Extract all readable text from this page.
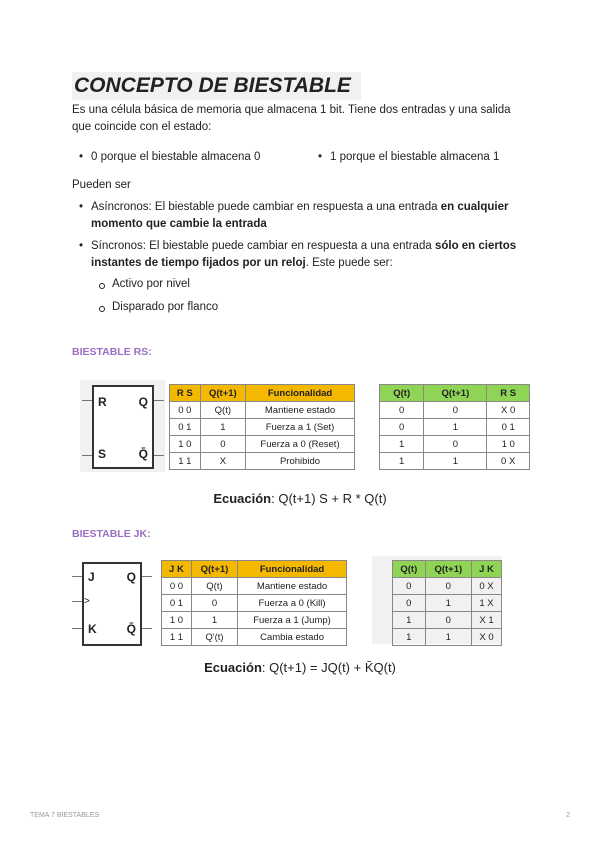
CONCEPTO DE BIESTABLE
Es una célula básica de memoria que almacena 1 bit. Tiene dos entradas y una salida que coincide con el estado:
• 0 porque el biestable almacena 0	• 1 porque el biestable almacena 1
Pueden ser
• Asíncronos: El biestable puede cambiar en respuesta a una entrada en cualquier momento que cambie la entrada
• Síncronos: El biestable puede cambiar en respuesta a una entrada sólo en ciertos instantes de tiempo fijados por un reloj. Este puede ser:
Activo por nivel
Disparado por flanco
BIESTABLE RS:
R	Q
S	Q̄
R S	Q(t+1)	Funcionalidad
0 0	Q(t)	Mantiene estado
0 1	1	Fuerza a 1 (Set)
1 0	0	Fuerza a 0 (Reset)
1 1	X	Prohibido
Q(t)	Q(t+1)	R S
0	0	X 0
0	1	0 1
1	0	1 0
1	1	0 X
Ecuación: Q(t+1) S + R * Q(t)
BIESTABLE JK:
J	Q
>
K Q̄
J K	Q(t+1)	Funcionalidad
0 0	Q(t)	Mantiene estado
0 1	0	Fuerza a 0 (Kill)
1 0	1	Fuerza a 1 (Jump)
1 1	Q'(t)	Cambia estado
Q(t)	Q(t+1)	J K
0	0	0 X
0	1	1 X
1	0	X 1
1	1	X 0
Ecuación: Q(t+1) = JQ(t) + K̄Q(t)
TEMA 7 BIESTABLES	2
